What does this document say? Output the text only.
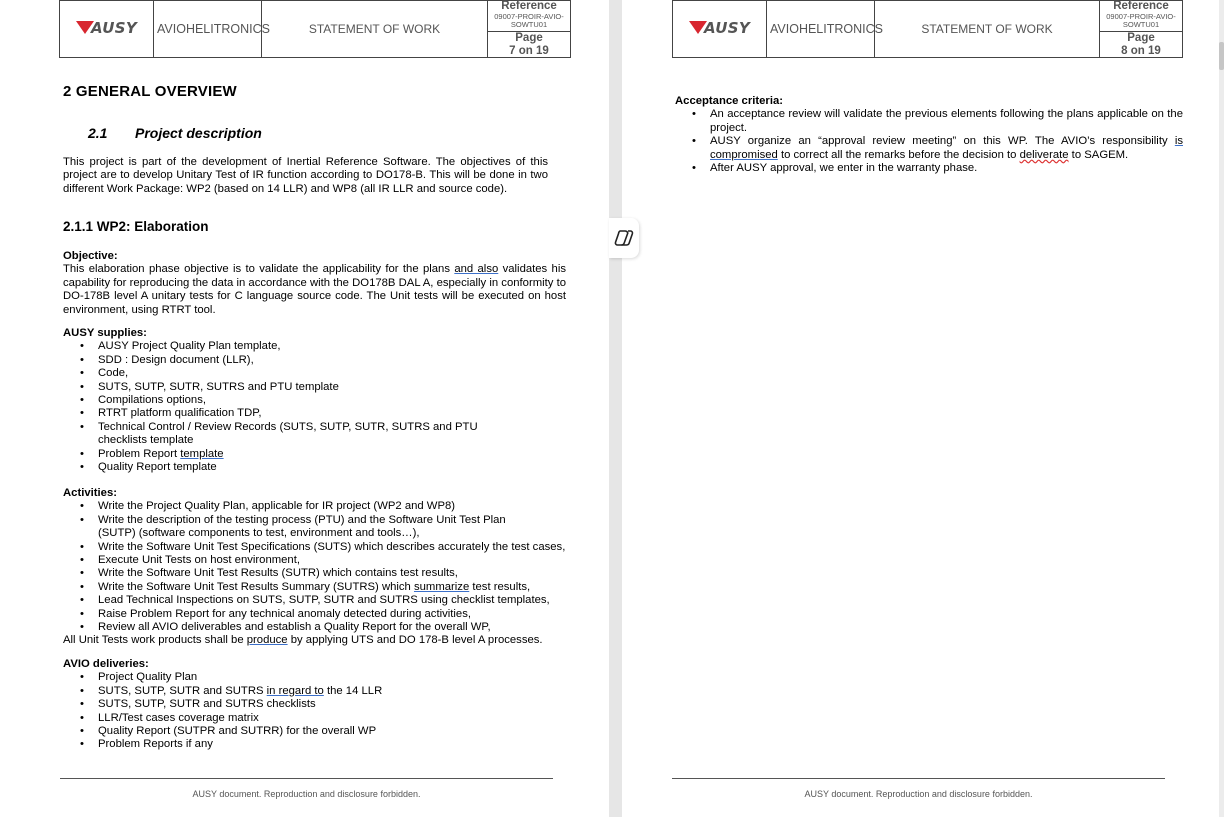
AUSY	AVIOHELITRONICS	STATEMENT OF WORK	
Reference
09007-PROIR-AVIO-SOWTU01
Page
7 on 19
2 GENERAL OVERVIEW
2.1 Project description
This project is part of the development of Inertial Reference Software. The objectives of this project are to develop Unitary Test of IR function according to DO178-B. This will be done in two different Work Package: WP2 (based on 14 LLR) and WP8 (all IR LLR and source code).
2.1.1 WP2: Elaboration
Objective:
This elaboration phase objective is to validate the applicability for the plans and also validates his capability for reproducing the data in accordance with the DO178B DAL A, especially in conformity to DO-178B level A unitary tests for C language source code. The Unit tests will be executed on host environment, using RTRT tool.
AUSY supplies:
• AUSY Project Quality Plan template,
• SDD : Design document (LLR),
• Code,
• SUTS, SUTP, SUTR, SUTRS and PTU template
• Compilations options,
• RTRT platform qualification TDP,
• Technical Control / Review Records (SUTS, SUTP, SUTR, SUTRS and PTU checklists template
• Problem Report template
• Quality Report template
Activities:
• Write the Project Quality Plan, applicable for IR project (WP2 and WP8)
• Write the description of the testing process (PTU) and the Software Unit Test Plan (SUTP) (software components to test, environment and tools…),
• Write the Software Unit Test Specifications (SUTS) which describes accurately the test cases,
• Execute Unit Tests on host environment,
• Write the Software Unit Test Results (SUTR) which contains test results,
• Write the Software Unit Test Results Summary (SUTRS) which summarize test results,
• Lead Technical Inspections on SUTS, SUTP, SUTR and SUTRS using checklist templates,
• Raise Problem Report for any technical anomaly detected during activities,
• Review all AVIO deliverables and establish a Quality Report for the overall WP,
All Unit Tests work products shall be produce by applying UTS and DO 178-B level A processes.
AVIO deliveries:
• Project Quality Plan
• SUTS, SUTP, SUTR and SUTRS in regard to the 14 LLR
• SUTS, SUTP, SUTR and SUTRS checklists
• LLR/Test cases coverage matrix
• Quality Report (SUTPR and SUTRR) for the overall WP
• Problem Reports if any
AUSY document. Reproduction and disclosure forbidden.
AUSY	AVIOHELITRONICS	STATEMENT OF WORK	
Reference
09007-PROIR-AVIO-SOWTU01
Page
8 on 19
Acceptance criteria:
• An acceptance review will validate the previous elements following the plans applicable on the project.
• AUSY organize an “approval review meeting” on this WP. The AVIO’s responsibility is compromised to correct all the remarks before the decision to deliverate to SAGEM.
• After AUSY approval, we enter in the warranty phase.
AUSY document. Reproduction and disclosure forbidden.
